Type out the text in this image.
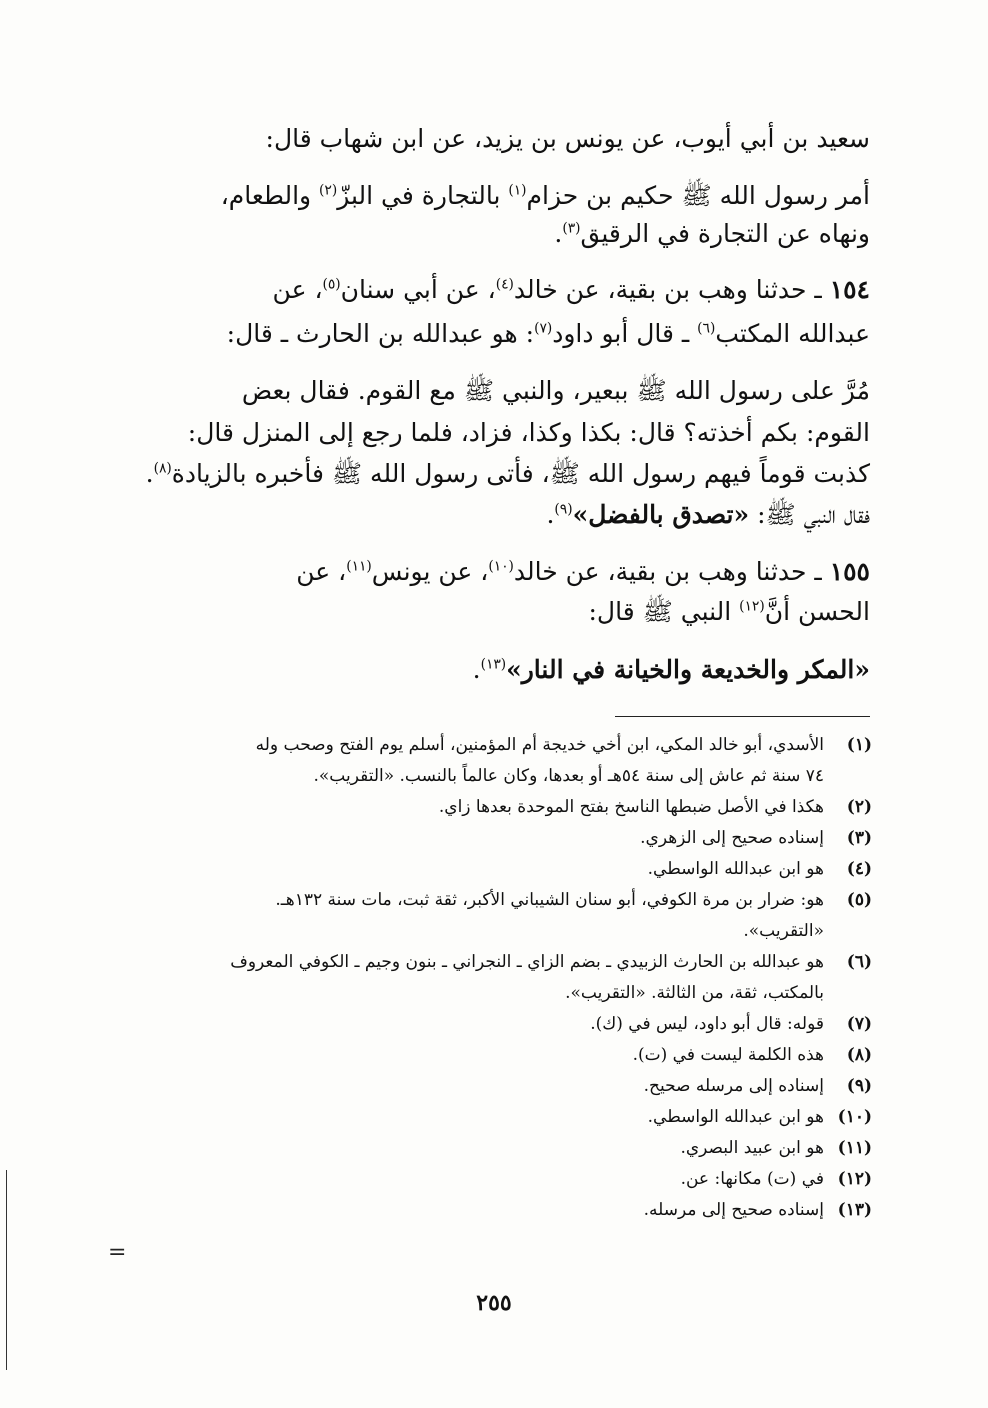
سعيد بن أبي أيوب، عن يونس بن يزيد، عن ابن شهاب قال:
أمر رسول الله ﷺ حكيم بن حزام$^{(١)}$ بالتجارة في البزّ$^{(٢)}$ والطعام،
ونهاه عن التجارة في الرقيق$^{(٣)}$.
١٥٤ ـ حدثنا وهب بن بقية، عن خالد$^{(٤)}$، عن أبي سنان$^{(٥)}$، عن
عبدالله المكتب$^{(٦)}$ ـ قال أبو داود$^{(٧)}$: هو عبدالله بن الحارث ـ قال:
مُرَّ على رسول الله ﷺ ببعير، والنبي ﷺ مع القوم. فقال بعض
القوم: بكم أخذته؟ قال: بكذا وكذا، فزاد، فلما رجع إلى المنزل قال:
كذبت قوماً فيهم رسول الله ﷺ، فأتى رسول الله ﷺ فأخبره بالزيادة$^{(٨)}$.
فقال النبي ﷺ: «تصدق بالفضل»$^{(٩)}$.
١٥٥ ـ حدثنا وهب بن بقية، عن خالد$^{(١٠)}$، عن يونس$^{(١١)}$، عن
الحسن أنَّ$^{(١٢)}$ النبي ﷺ قال:
«المكر والخديعة والخيانة في النار»$^{(١٣)}$.
(١)
الأسدي، أبو خالد المكي، ابن أخي خديجة أم المؤمنين، أسلم يوم الفتح وصحب وله
٧٤ سنة ثم عاش إلى سنة ٥٤هـ أو بعدها، وكان عالماً بالنسب. «التقريب».
(٢)
هكذا في الأصل ضبطها الناسخ بفتح الموحدة بعدها زاي.
(٣)
إسناده صحيح إلى الزهري.
(٤)
هو ابن عبدالله الواسطي.
(٥)
هو: ضرار بن مرة الكوفي، أبو سنان الشيباني الأكبر، ثقة ثبت، مات سنة ١٣٢هـ.
«التقريب».
(٦)
هو عبدالله بن الحارث الزبيدي ـ بضم الزاي ـ النجراني ـ بنون وجيم ـ الكوفي المعروف
بالمكتب، ثقة، من الثالثة. «التقريب».
(٧)
قوله: قال أبو داود، ليس في (ك).
(٨)
هذه الكلمة ليست في (ت).
(٩)
إسناده إلى مرسله صحيح.
(١٠)
هو ابن عبدالله الواسطي.
(١١)
هو ابن عبيد البصري.
(١٢)
في (ت) مكانها: عن.
(١٣)
إسناده صحيح إلى مرسله.
٢٥٥
=
